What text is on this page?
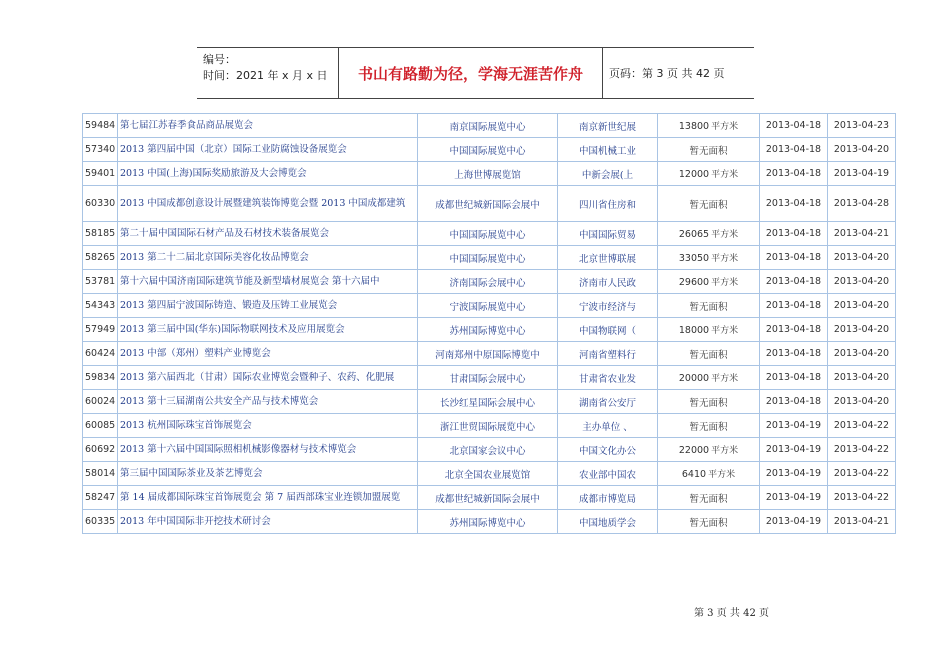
编号：
时间：2021 年 x 月 x 日	书山有路勤为径，学海无涯苦作舟	页码：第 3 页 共 42 页
59484	第七届江苏春季食品商品展览会	南京国际展览中心	南京新世纪展	13800 平方米	2013-04-18	2013-04-23
57340	2013 第四届中国（北京）国际工业防腐蚀设备展览会	中国国际展览中心	中国机械工业	暂无面积	2013-04-18	2013-04-20
59401	2013 中国(上海)国际奖励旅游及大会博览会	上海世博展览馆	中新会展(上	12000 平方米	2013-04-18	2013-04-19
60330	2013 中国成都创意设计展暨建筑装饰博览会暨 2013 中国成都建筑	成都世纪城新国际会展中	四川省住房和	暂无面积	2013-04-18	2013-04-28
58185	第二十届中国国际石材产品及石材技术装备展览会	中国国际展览中心	中国国际贸易	26065 平方米	2013-04-18	2013-04-21
58265	2013 第二十二届北京国际美容化妆品博览会	中国国际展览中心	北京世博联展	33050 平方米	2013-04-18	2013-04-20
53781	第十六届中国济南国际建筑节能及新型墙材展览会 第十六届中	济南国际会展中心	济南市人民政	29600 平方米	2013-04-18	2013-04-20
54343	2013 第四届宁波国际铸造、锻造及压铸工业展览会	宁波国际展览中心	宁波市经济与	暂无面积	2013-04-18	2013-04-20
57949	2013 第三届中国(华东)国际物联网技术及应用展览会	苏州国际博览中心	中国物联网（	18000 平方米	2013-04-18	2013-04-20
60424	2013 中部（郑州）塑料产业博览会	河南郑州中原国际博览中	河南省塑料行	暂无面积	2013-04-18	2013-04-20
59834	2013 第六届西北（甘肃）国际农业博览会暨种子、农药、化肥展	甘肃国际会展中心	甘肃省农业发	20000 平方米	2013-04-18	2013-04-20
60024	2013 第十三届湖南公共安全产品与技术博览会	长沙红星国际会展中心	湖南省公安厅	暂无面积	2013-04-18	2013-04-20
60085	2013 杭州国际珠宝首饰展览会	浙江世贸国际展览中心	主办单位 、	暂无面积	2013-04-19	2013-04-22
60692	2013 第十六届中国国际照相机械影像器材与技术博览会	北京国家会议中心	中国文化办公	22000 平方米	2013-04-19	2013-04-22
58014	第三届中国国际茶业及茶艺博览会	北京全国农业展览馆	农业部中国农	6410 平方米	2013-04-19	2013-04-22
58247	第 14 届成都国际珠宝首饰展览会 第 7 届西部珠宝业连锁加盟展览	成都世纪城新国际会展中	成都市博览局	暂无面积	2013-04-19	2013-04-22
60335	2013 年中国国际非开挖技术研讨会	苏州国际博览中心	中国地质学会	暂无面积	2013-04-19	2013-04-21
第 3 页 共 42 页
